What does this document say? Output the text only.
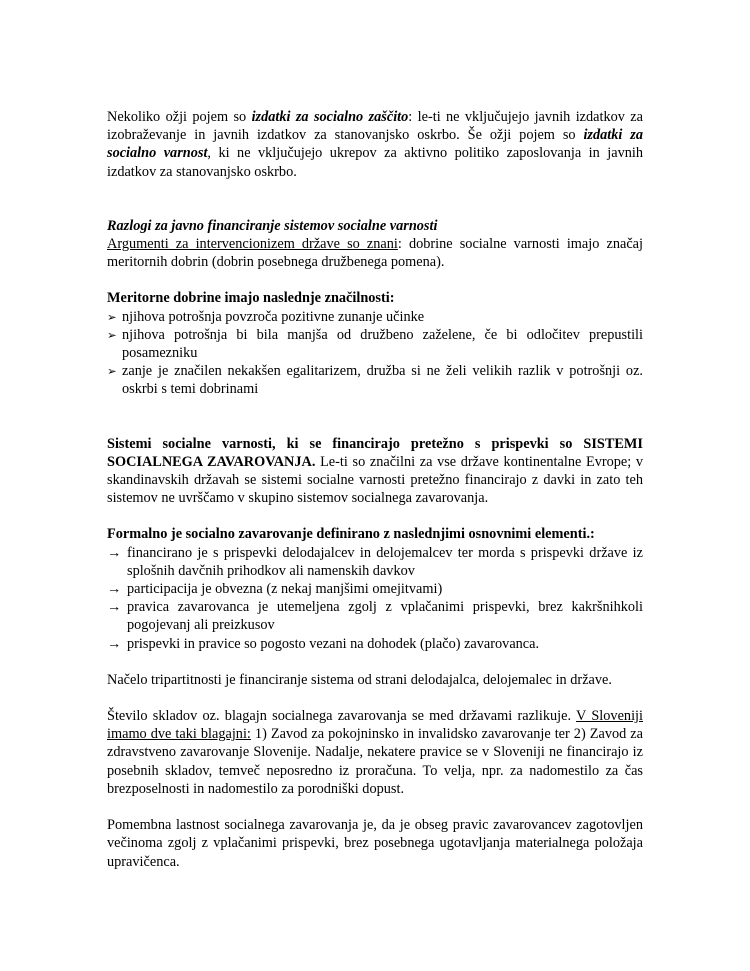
Nekoliko ožji pojem so izdatki za socialno zaščito: le-ti ne vključujejo javnih izdatkov za izobraževanje in javnih izdatkov za stanovanjsko oskrbo. Še ožji pojem so izdatki za socialno varnost, ki ne vključujejo ukrepov za aktivno politiko zaposlovanja in javnih izdatkov za stanovanjsko oskrbo.

Razlogi za javno financiranje sistemov socialne varnosti

Argumenti za intervencionizem države so znani: dobrine socialne varnosti imajo značaj meritornih dobrin (dobrin posebnega družbenega pomena).

Meritorne dobrine imajo naslednje značilnosti:

➢ njihova potrošnja povzroča pozitivne zunanje učinke
➢ njihova potrošnja bi bila manjša od družbeno zaželene, če bi odločitev prepustili posamezniku
➢ zanje je značilen nekakšen egalitarizem, družba si ne želi velikih razlik v potrošnji oz. oskrbi s temi dobrinami

Sistemi socialne varnosti, ki se financirajo pretežno s prispevki so SISTEMI SOCIALNEGA ZAVAROVANJA. Le-ti so značilni za vse države kontinentalne Evrope; v skandinavskih državah se sistemi socialne varnosti pretežno financirajo z davki in zato teh sistemov ne uvrščamo v skupino sistemov socialnega zavarovanja.

Formalno je socialno zavarovanje definirano z naslednjimi osnovnimi elementi.:

→ financirano je s prispevki delodajalcev in delojemalcev ter morda s prispevki države iz splošnih davčnih prihodkov ali namenskih davkov
→ participacija je obvezna (z nekaj manjšimi omejitvami)
→ pravica zavarovanca je utemeljena zgolj z vplačanimi prispevki, brez kakršnihkoli pogojevanj ali preizkusov
→ prispevki in pravice so pogosto vezani na dohodek (plačo) zavarovanca.

Načelo tripartitnosti je financiranje sistema od strani delodajalca, delojemalec in države.

Število skladov oz. blagajn socialnega zavarovanja se med državami razlikuje. V Sloveniji imamo dve taki blagajni: 1) Zavod za pokojninsko in invalidsko zavarovanje ter 2) Zavod za zdravstveno zavarovanje Slovenije. Nadalje, nekatere pravice se v Sloveniji ne financirajo iz posebnih skladov, temveč neposredno iz proračuna. To velja, npr. za nadomestilo za čas brezposelnosti in nadomestilo za porodniški dopust.

Pomembna lastnost socialnega zavarovanja je, da je obseg pravic zavarovancev zagotovljen večinoma zgolj z vplačanimi prispevki, brez posebnega ugotavljanja materialnega položaja upravičenca.
